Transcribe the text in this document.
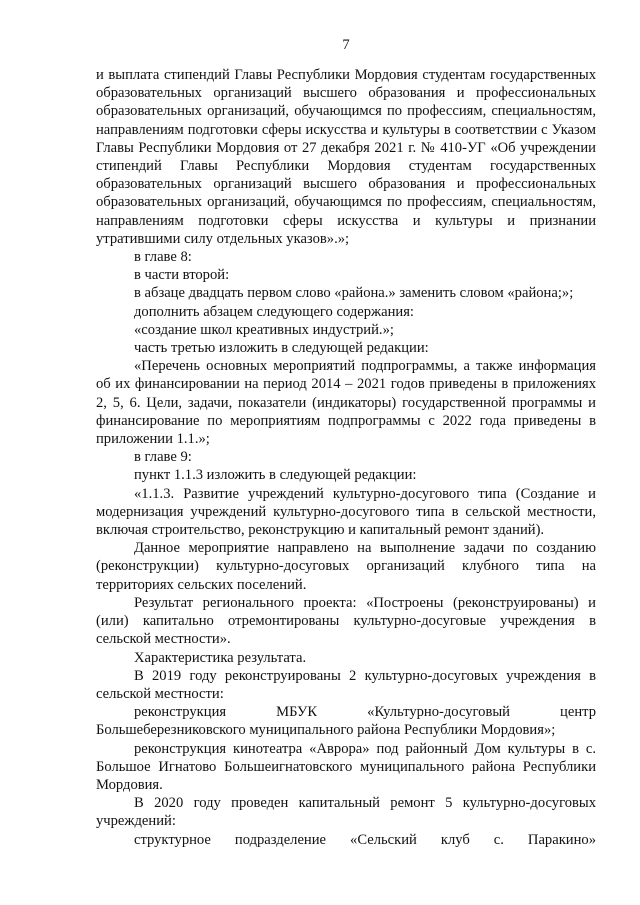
7

и выплата стипендий Главы Республики Мордовия студентам государственных образовательных организаций высшего образования и профессиональных образовательных организаций, обучающимся по профессиям, специальностям, направлениям подготовки сферы искусства и культуры в соответствии с Указом Главы Республики Мордовия от 27 декабря 2021 г. № 410-УГ «Об учреждении стипендий Главы Республики Мордовия студентам государственных образовательных организаций высшего образования и профессиональных образовательных организаций, обучающимся по профессиям, специальностям, направлениям подготовки сферы искусства и культуры и признании утратившими силу отдельных указов».»;

в главе 8:

в части второй:

в абзаце двадцать первом слово «района.» заменить словом «района;»;

дополнить абзацем следующего содержания:

«создание школ креативных индустрий.»;

часть третью изложить в следующей редакции:

«Перечень основных мероприятий подпрограммы, а также информация об их финансировании на период 2014 – 2021 годов приведены в приложениях 2, 5, 6. Цели, задачи, показатели (индикаторы) государственной программы и финансирование по мероприятиям подпрограммы с 2022 года приведены в приложении 1.1.»;

в главе 9:

пункт 1.1.3 изложить в следующей редакции:

«1.1.3. Развитие учреждений культурно-досугового типа (Создание и модернизация учреждений культурно-досугового типа в сельской местности, включая строительство, реконструкцию и капитальный ремонт зданий).

Данное мероприятие направлено на выполнение задачи по созданию (реконструкции) культурно-досуговых организаций клубного типа на территориях сельских поселений.

Результат регионального проекта: «Построены (реконструированы) и (или) капитально отремонтированы культурно-досуговые учреждения в сельской местности».

Характеристика результата.

В 2019 году реконструированы 2 культурно-досуговых учреждения в сельской местности:

реконструкция МБУК «Культурно-досуговый центр Большеберезниковского муниципального района Республики Мордовия»;

реконструкция кинотеатра «Аврора» под районный Дом культуры в с. Большое Игнатово Большеигнатовского муниципального района Республики Мордовия.

В 2020 году проведен капитальный ремонт 5 культурно-досуговых учреждений:

структурное подразделение «Сельский клуб с. Паракино»
